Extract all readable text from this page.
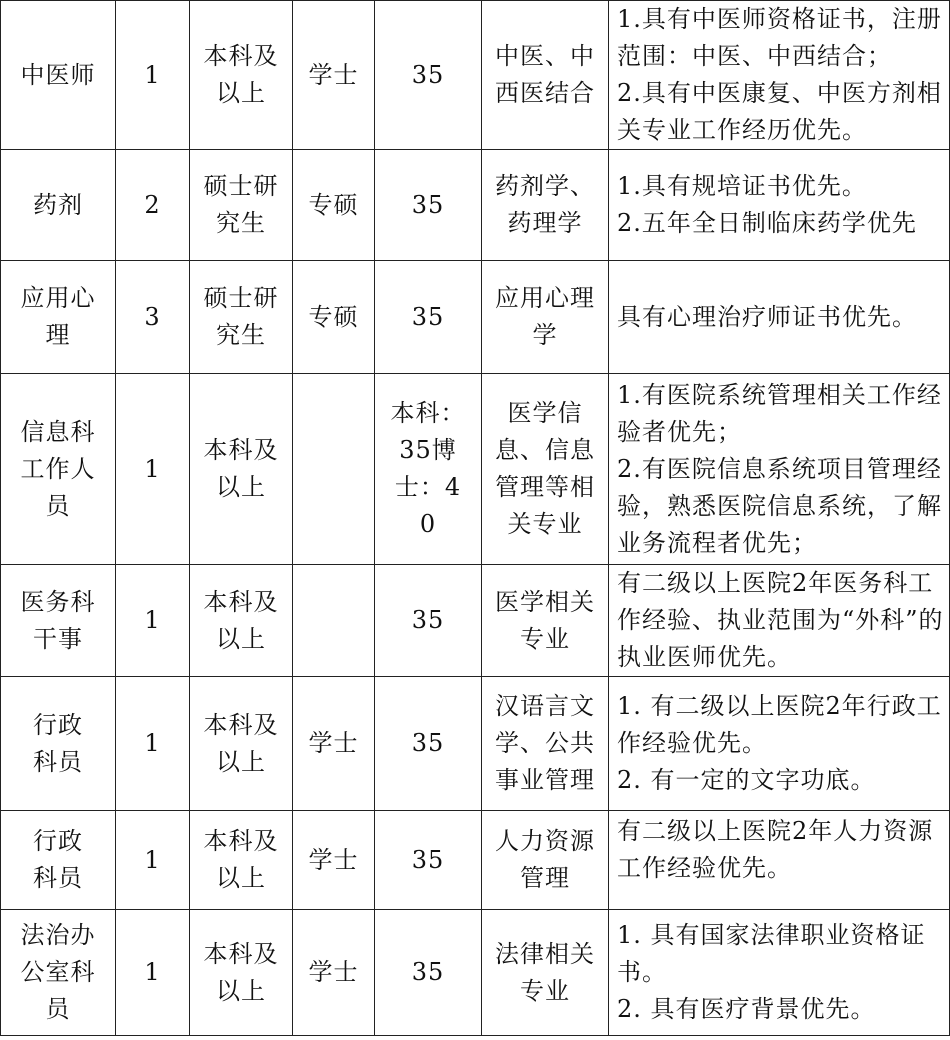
中医师	1	本科及以上	学士	35	中医、中西医结合	1.具有中医师资格证书，注册范围：中医、中西结合；
2.具有中医康复、中医方剂相关专业工作经历优先。

药剂	2	硕士研究生	专硕	35	药剂学、药理学	1.具有规培证书优先。
2.五年全日制临床药学优先

应用心理	3	硕士研究生	专硕	35	应用心理学	具有心理治疗师证书优先。

信息科工作人员	1	本科及以上		本科：35博士：40	医学信息、信息管理等相关专业	1.有医院系统管理相关工作经验者优先；
2.有医院信息系统项目管理经验，熟悉医院信息系统，了解业务流程者优先；

医务科干事	1	本科及以上		35	医学相关专业	有二级以上医院2年医务科工作经验、执业范围为“外科”的执业医师优先。

行政科员	1	本科及以上	学士	35	汉语言文学、公共事业管理	1. 有二级以上医院2年行政工作经验优先。
2. 有一定的文字功底。

行政科员	1	本科及以上	学士	35	人力资源管理	有二级以上医院2年人力资源工作经验优先。

法治办公室科员	1	本科及以上	学士	35	法律相关专业	1. 具有国家法律职业资格证书。
2. 具有医疗背景优先。
